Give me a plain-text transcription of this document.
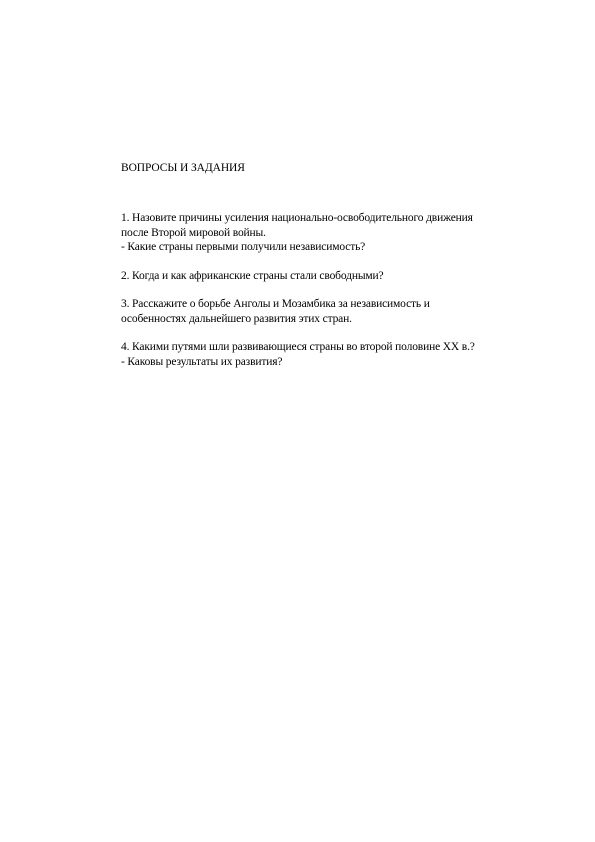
ВОПРОСЫ И ЗАДАНИЯ

1. Назовите причины усиления национально-освободительного движения
после Второй мировой войны.
- Какие страны первыми получили независимость?

2. Когда и как африканские страны стали свободными?

3. Расскажите о борьбе Анголы и Мозамбика за независимость и
особенностях дальнейшего развития этих стран.

4. Какими путями шли развивающиеся страны во второй половине XX в.?
- Каковы результаты их развития?
